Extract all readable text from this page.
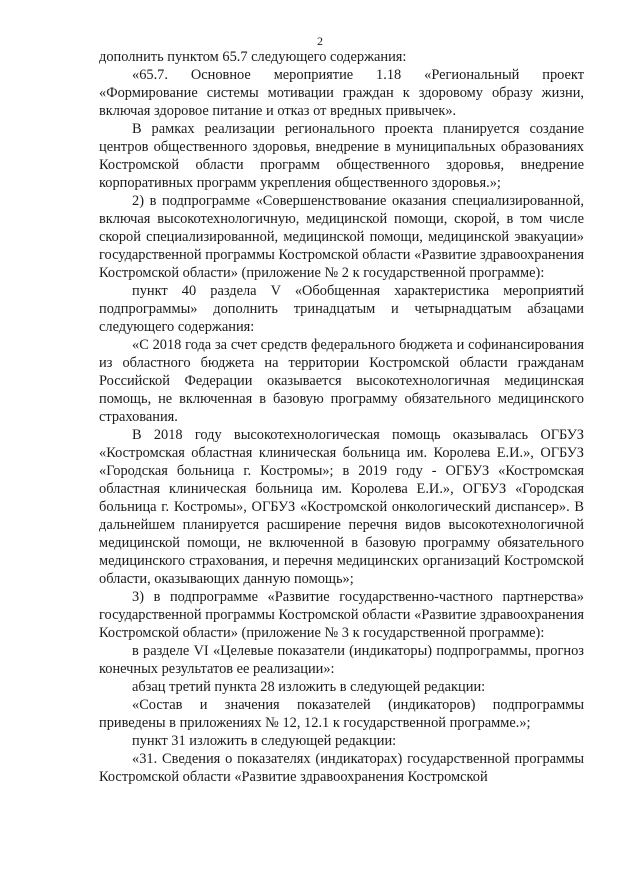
2

дополнить пунктом 65.7 следующего содержания:

«65.7. Основное мероприятие 1.18 «Региональный проект «Формирование системы мотивации граждан к здоровому образу жизни, включая здоровое питание и отказ от вредных привычек».

В рамках реализации регионального проекта планируется создание центров общественного здоровья, внедрение в муниципальных образованиях Костромской области программ общественного здоровья, внедрение корпоративных программ укрепления общественного здоровья.»;

2) в подпрограмме «Совершенствование оказания специализированной, включая высокотехнологичную, медицинской помощи, скорой, в том числе скорой специализированной, медицинской помощи, медицинской эвакуации» государственной программы Костромской области «Развитие здравоохранения Костромской области» (приложение № 2 к государственной программе):

пункт 40 раздела V «Обобщенная характеристика мероприятий подпрограммы» дополнить тринадцатым и четырнадцатым абзацами следующего содержания:

«С 2018 года за счет средств федерального бюджета и софинансирования из областного бюджета на территории Костромской области гражданам Российской Федерации оказывается высокотехнологичная медицинская помощь, не включенная в базовую программу обязательного медицинского страхования.

В 2018 году высокотехнологическая помощь оказывалась ОГБУЗ «Костромская областная клиническая больница им. Королева Е.И.», ОГБУЗ «Городская больница г. Костромы»; в 2019 году - ОГБУЗ «Костромская областная клиническая больница им. Королева Е.И.», ОГБУЗ «Городская больница г. Костромы», ОГБУЗ «Костромской онкологический диспансер». В дальнейшем планируется расширение перечня видов высокотехнологичной медицинской помощи, не включенной в базовую программу обязательного медицинского страхования, и перечня медицинских организаций Костромской области, оказывающих данную помощь»;

3) в подпрограмме «Развитие государственно-частного партнерства» государственной программы Костромской области «Развитие здравоохранения Костромской области» (приложение № 3 к государственной программе):

в разделе VI «Целевые показатели (индикаторы) подпрограммы, прогноз конечных результатов ее реализации»:

абзац третий пункта 28 изложить в следующей редакции:

«Состав и значения показателей (индикаторов) подпрограммы приведены в приложениях № 12, 12.1 к государственной программе.»;

пункт 31 изложить в следующей редакции:

«31. Сведения о показателях (индикаторах) государственной программы Костромской области «Развитие здравоохранения Костромской
